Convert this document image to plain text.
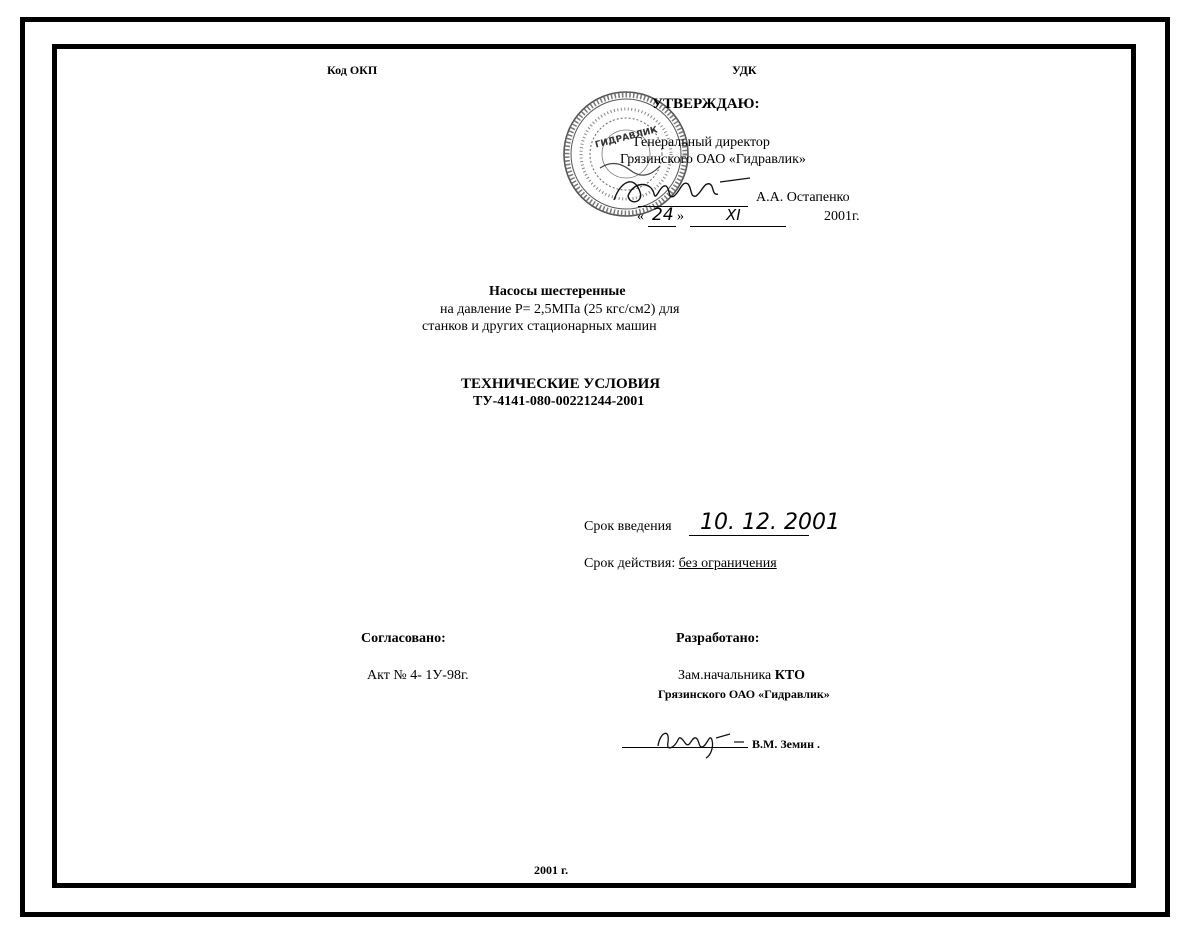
Код ОКП	УДК
ГИДРАВЛИК
УТВЕРЖДАЮ:
Генеральный директор
Грязинского ОАО «Гидравлик»
А.А. Остапенко
« 24 »	XI	2001г.
Насосы шестеренные
на давление Р= 2,5МПа (25 кгс/см2) для
станков и других стационарных машин
ТЕХНИЧЕСКИЕ УСЛОВИЯ
ТУ-4141-080-00221244-2001
Срок введения 10. 12. 2001
Срок действия: без ограничения
Согласовано:
Акт № 4- 1У-98г.
Разработано:
Зам.начальника КТО
Грязинского ОАО «Гидравлик»
В.М. Земин .
2001 г.
